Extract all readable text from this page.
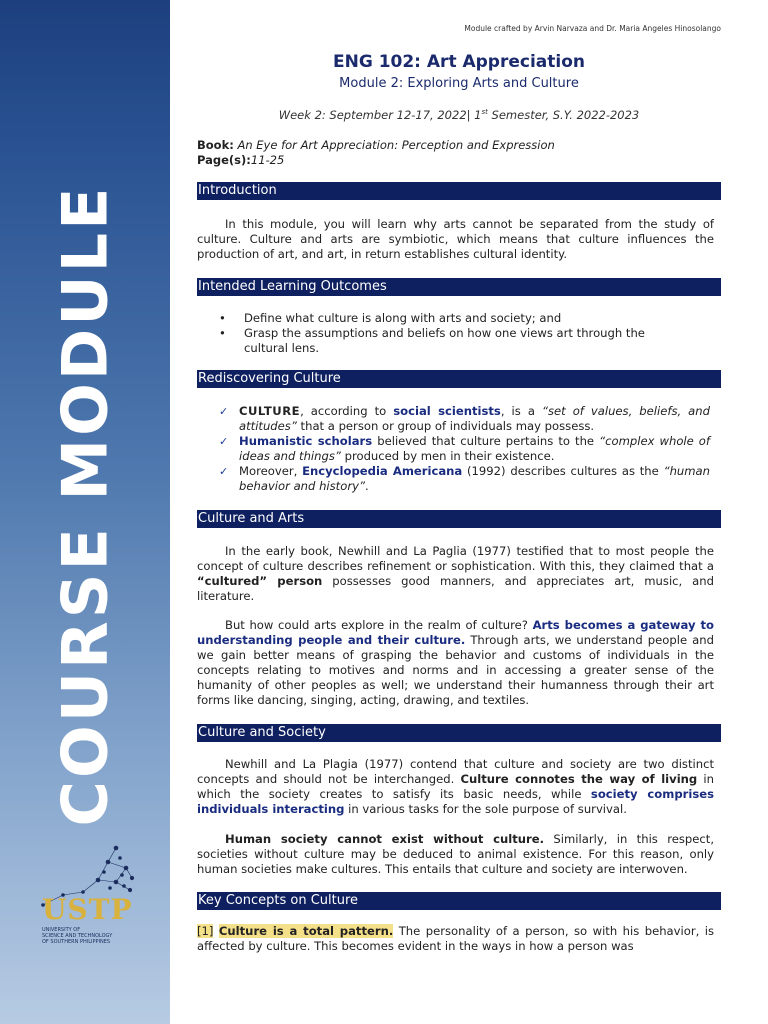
COURSE MODULE
USTP
UNIVERSITY OF
SCIENCE AND TECHNOLOGY
OF SOUTHERN PHILIPPINES
Module crafted by Arvin Narvaza and Dr. Maria Angeles Hinosolango
ENG 102: Art Appreciation
Module 2: Exploring Arts and Culture
Week 2: September 12-17, 2022| 1st Semester, S.Y. 2022-2023
Book: An Eye for Art Appreciation: Perception and Expression
Page(s):11-25
Introduction
In this module, you will learn why arts cannot be separated from the study of culture. Culture and arts are symbiotic, which means that culture influences the production of art, and art, in return establishes cultural identity.
Intended Learning Outcomes
• Define what culture is along with arts and society; and
• Grasp the assumptions and beliefs on how one views art through the cultural lens.
Rediscovering Culture
✓ CULTURE, according to social scientists, is a “set of values, beliefs, and attitudes” that a person or group of individuals may possess.
✓ Humanistic scholars believed that culture pertains to the “complex whole of ideas and things” produced by men in their existence.
✓ Moreover, Encyclopedia Americana (1992) describes cultures as the “human behavior and history”.
Culture and Arts
In the early book, Newhill and La Paglia (1977) testified that to most people the concept of culture describes refinement or sophistication. With this, they claimed that a “cultured” person possesses good manners, and appreciates art, music, and literature.
But how could arts explore in the realm of culture? Arts becomes a gateway to understanding people and their culture. Through arts, we understand people and we gain better means of grasping the behavior and customs of individuals in the concepts relating to motives and norms and in accessing a greater sense of the humanity of other peoples as well; we understand their humanness through their art forms like dancing, singing, acting, drawing, and textiles.
Culture and Society
Newhill and La Plagia (1977) contend that culture and society are two distinct concepts and should not be interchanged. Culture connotes the way of living in which the society creates to satisfy its basic needs, while society comprises individuals interacting in various tasks for the sole purpose of survival.
Human society cannot exist without culture. Similarly, in this respect, societies without culture may be deduced to animal existence. For this reason, only human societies make cultures. This entails that culture and society are interwoven.
Key Concepts on Culture
[1] Culture is a total pattern. The personality of a person, so with his behavior, is affected by culture. This becomes evident in the ways in how a person was
